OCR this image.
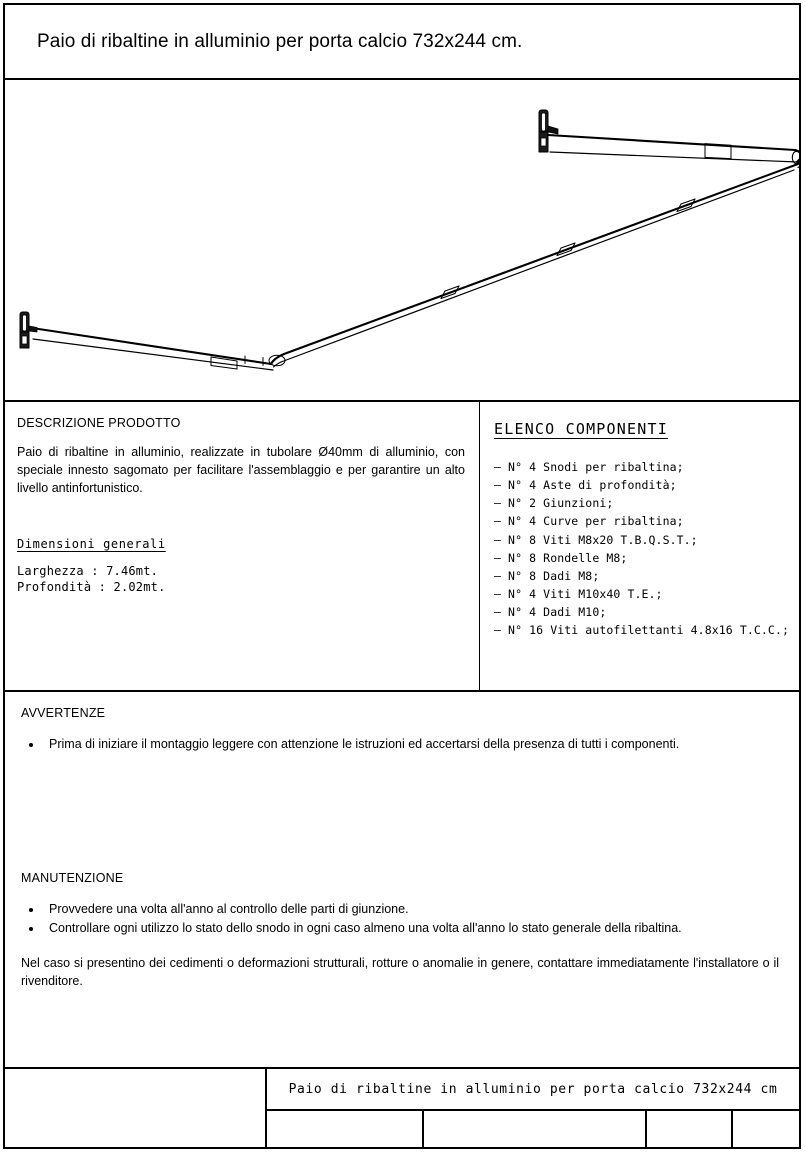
Paio di ribaltine in alluminio per porta calcio 732x244 cm.
DESCRIZIONE PRODOTTO

Paio di ribaltine in alluminio, realizzate in tubolare Ø40mm di alluminio, con speciale innesto sagomato per facilitare l'assemblaggio e per garantire un alto livello antinfortunistico.

Dimensioni generali
Larghezza : 7.46mt.
Profondità : 2.02mt.
ELENCO COMPONENTI
– N° 4 Snodi per ribaltina;
– N° 4 Aste di profondità;
– N° 2 Giunzioni;
– N° 4 Curve per ribaltina;
– N° 8 Viti M8x20 T.B.Q.S.T.;
– N° 8 Rondelle M8;
– N° 8 Dadi M8;
– N° 4 Viti M10x40 T.E.;
– N° 4 Dadi M10;
– N° 16 Viti autofilettanti 4.8x16 T.C.C.;
AVVERTENZE
• Prima di iniziare il montaggio leggere con attenzione le istruzioni ed accertarsi della presenza di tutti i componenti.
MANUTENZIONE
• Provvedere una volta all'anno al controllo delle parti di giunzione.
• Controllare ogni utilizzo lo stato dello snodo in ogni caso almeno una volta all'anno lo stato generale della ribaltina.

Nel caso si presentino dei cedimenti o deformazioni strutturali, rotture o anomalie in genere, contattare immediatamente l'installatore o il rivenditore.

Paio di ribaltine in alluminio per porta calcio 732x244 cm
